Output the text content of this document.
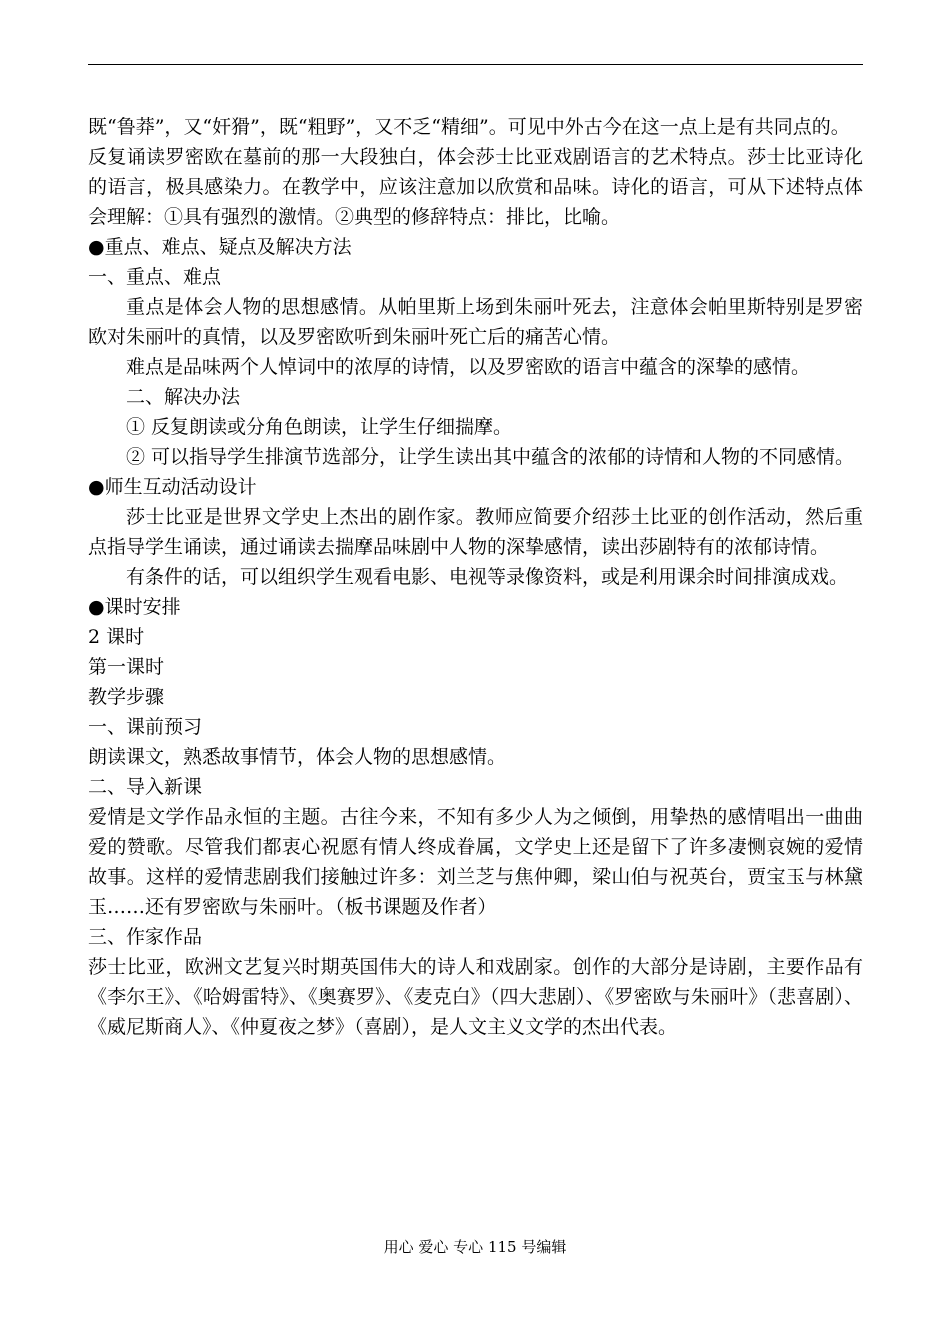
既“鲁莽”，又“奸猾”，既“粗野”，又不乏“精细”。可见中外古今在这一点上是有共同点的。

反复诵读罗密欧在墓前的那一大段独白，体会莎士比亚戏剧语言的艺术特点。莎士比亚诗化的语言，极具感染力。在教学中，应该注意加以欣赏和品味。诗化的语言，可从下述特点体会理解：①具有强烈的激情。②典型的修辞特点：排比，比喻。

●重点、难点、疑点及解决方法

一、重点、难点

重点是体会人物的思想感情。从帕里斯上场到朱丽叶死去，注意体会帕里斯特别是罗密欧对朱丽叶的真情，以及罗密欧听到朱丽叶死亡后的痛苦心情。

难点是品味两个人悼词中的浓厚的诗情，以及罗密欧的语言中蕴含的深挚的感情。

二、解决办法

① 反复朗读或分角色朗读，让学生仔细揣摩。

② 可以指导学生排演节选部分，让学生读出其中蕴含的浓郁的诗情和人物的不同感情。

●师生互动活动设计

莎士比亚是世界文学史上杰出的剧作家。教师应简要介绍莎土比亚的创作活动，然后重点指导学生诵读，通过诵读去揣摩品味剧中人物的深挚感情，读出莎剧特有的浓郁诗情。

有条件的话，可以组织学生观看电影、电视等录像资料，或是利用课余时间排演成戏。

●课时安排

2 课时

第一课时

教学步骤

一、课前预习

朗读课文，熟悉故事情节，体会人物的思想感情。

二、导入新课

爱情是文学作品永恒的主题。古往今来，不知有多少人为之倾倒，用挚热的感情唱出一曲曲爱的赞歌。尽管我们都衷心祝愿有情人终成眷属，文学史上还是留下了许多凄恻哀婉的爱情故事。这样的爱情悲剧我们接触过许多：刘兰芝与焦仲卿，梁山伯与祝英台，贾宝玉与林黛玉……还有罗密欧与朱丽叶。（板书课题及作者）

三、作家作品

莎士比亚，欧洲文艺复兴时期英国伟大的诗人和戏剧家。创作的大部分是诗剧，主要作品有《李尔王》、《哈姆雷特》、《奥赛罗》、《麦克白》（四大悲剧）、《罗密欧与朱丽叶》（悲喜剧）、《威尼斯商人》、《仲夏夜之梦》（喜剧），是人文主义文学的杰出代表。

用心 爱心 专心 115 号编辑
